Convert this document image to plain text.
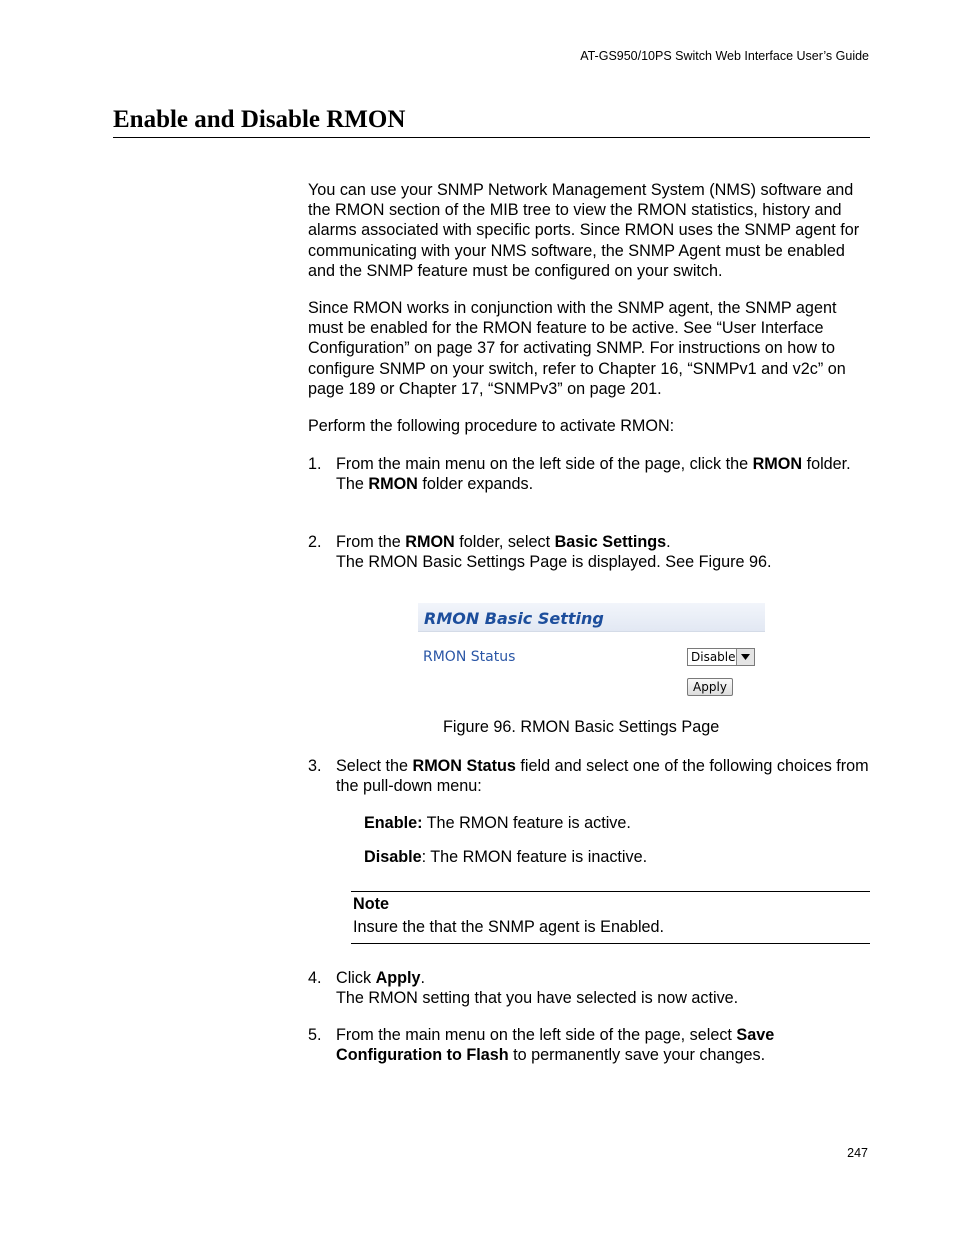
AT-GS950/10PS Switch Web Interface User’s Guide
Enable and Disable RMON

You can use your SNMP Network Management System (NMS) software and the RMON section of the MIB tree to view the RMON statistics, history and alarms associated with specific ports. Since RMON uses the SNMP agent for communicating with your NMS software, the SNMP Agent must be enabled and the SNMP feature must be configured on your switch.

Since RMON works in conjunction with the SNMP agent, the SNMP agent must be enabled for the RMON feature to be active. See “User Interface Configuration” on page 37 for activating SNMP. For instructions on how to configure SNMP on your switch, refer to Chapter 16, “SNMPv1 and v2c” on page 189 or Chapter 17, “SNMPv3” on page 201.

Perform the following procedure to activate RMON:

1. From the main menu on the left side of the page, click the RMON folder.
The RMON folder expands.
2. From the RMON folder, select Basic Settings.
The RMON Basic Settings Page is displayed. See Figure 96.
RMON Basic Setting
RMON Status	Disable
Apply
Figure 96. RMON Basic Settings Page
3. Select the RMON Status field and select one of the following choices from the pull-down menu:
Enable: The RMON feature is active.
Disable: The RMON feature is inactive.
Note
Insure the that the SNMP agent is Enabled.
4. Click Apply.
The RMON setting that you have selected is now active.
5. From the main menu on the left side of the page, select Save Configuration to Flash to permanently save your changes.
247
